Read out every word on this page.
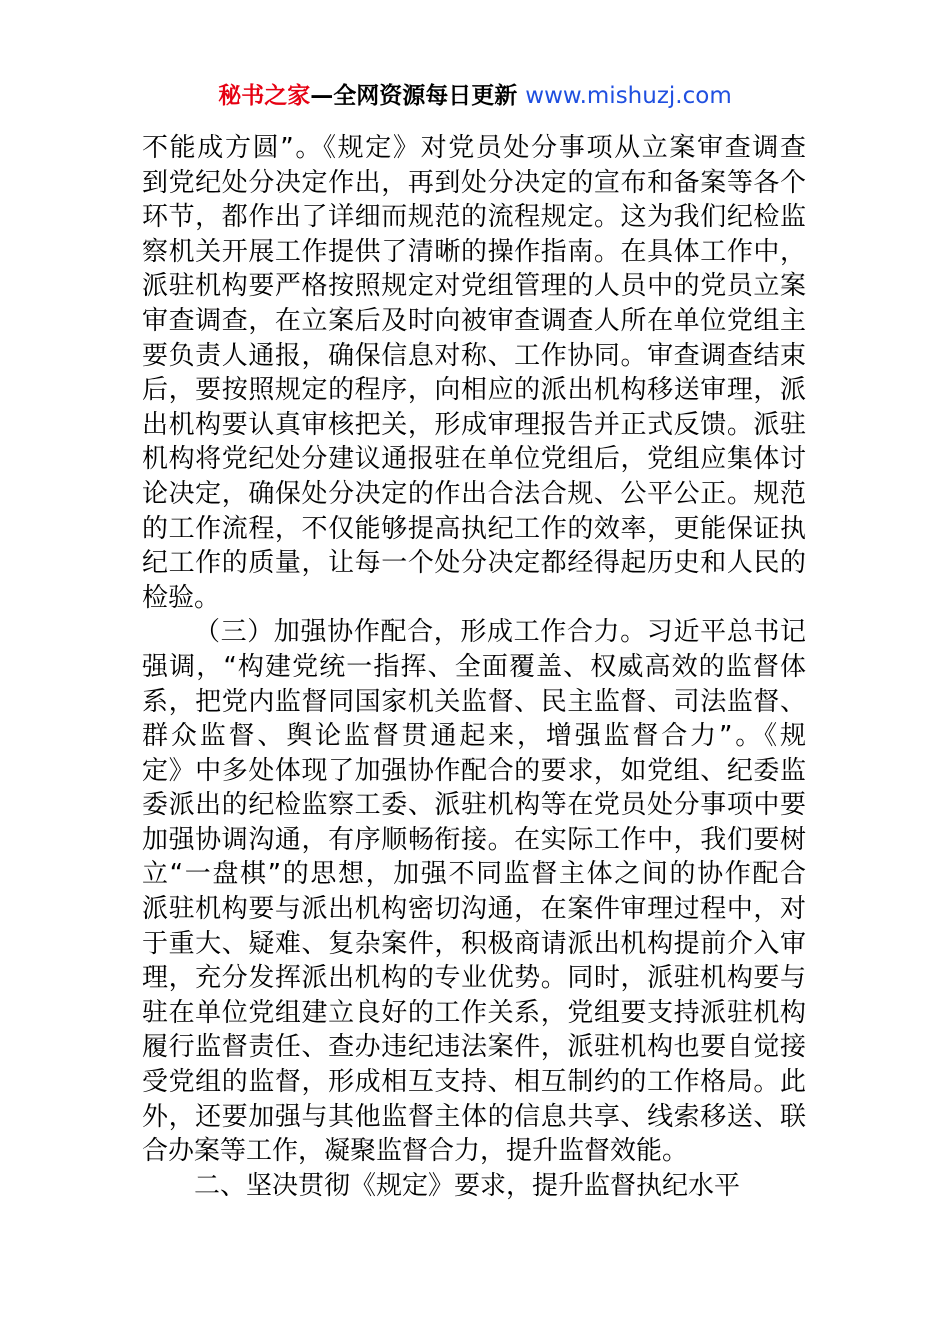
秘书之家—全网资源每日更新 www.mishuzj.com
不能成方圆”。《规定》对党员处分事项从立案审查调查
到党纪处分决定作出，再到处分决定的宣布和备案等各个
环节，都作出了详细而规范的流程规定。这为我们纪检监
察机关开展工作提供了清晰的操作指南。在具体工作中，
派驻机构要严格按照规定对党组管理的人员中的党员立案
审查调查，在立案后及时向被审查调查人所在单位党组主
要负责人通报，确保信息对称、工作协同。审查调查结束
后，要按照规定的程序，向相应的派出机构移送审理，派
出机构要认真审核把关，形成审理报告并正式反馈。派驻
机构将党纪处分建议通报驻在单位党组后，党组应集体讨
论决定，确保处分决定的作出合法合规、公平公正。规范
的工作流程，不仅能够提高执纪工作的效率，更能保证执
纪工作的质量，让每一个处分决定都经得起历史和人民的
检验。
（三）加强协作配合，形成工作合力。习近平总书记
强调，“构建党统一指挥、全面覆盖、权威高效的监督体
系，把党内监督同国家机关监督、民主监督、司法监督、
群众监督、舆论监督贯通起来，增强监督合力”。《规
定》中多处体现了加强协作配合的要求，如党组、纪委监
委派出的纪检监察工委、派驻机构等在党员处分事项中要
加强协调沟通，有序顺畅衔接。在实际工作中，我们要树
立“一盘棋”的思想，加强不同监督主体之间的协作配合
派驻机构要与派出机构密切沟通，在案件审理过程中，对
于重大、疑难、复杂案件，积极商请派出机构提前介入审
理，充分发挥派出机构的专业优势。同时，派驻机构要与
驻在单位党组建立良好的工作关系，党组要支持派驻机构
履行监督责任、查办违纪违法案件，派驻机构也要自觉接
受党组的监督，形成相互支持、相互制约的工作格局。此
外，还要加强与其他监督主体的信息共享、线索移送、联
合办案等工作，凝聚监督合力，提升监督效能。
二、坚决贯彻《规定》要求，提升监督执纪水平
